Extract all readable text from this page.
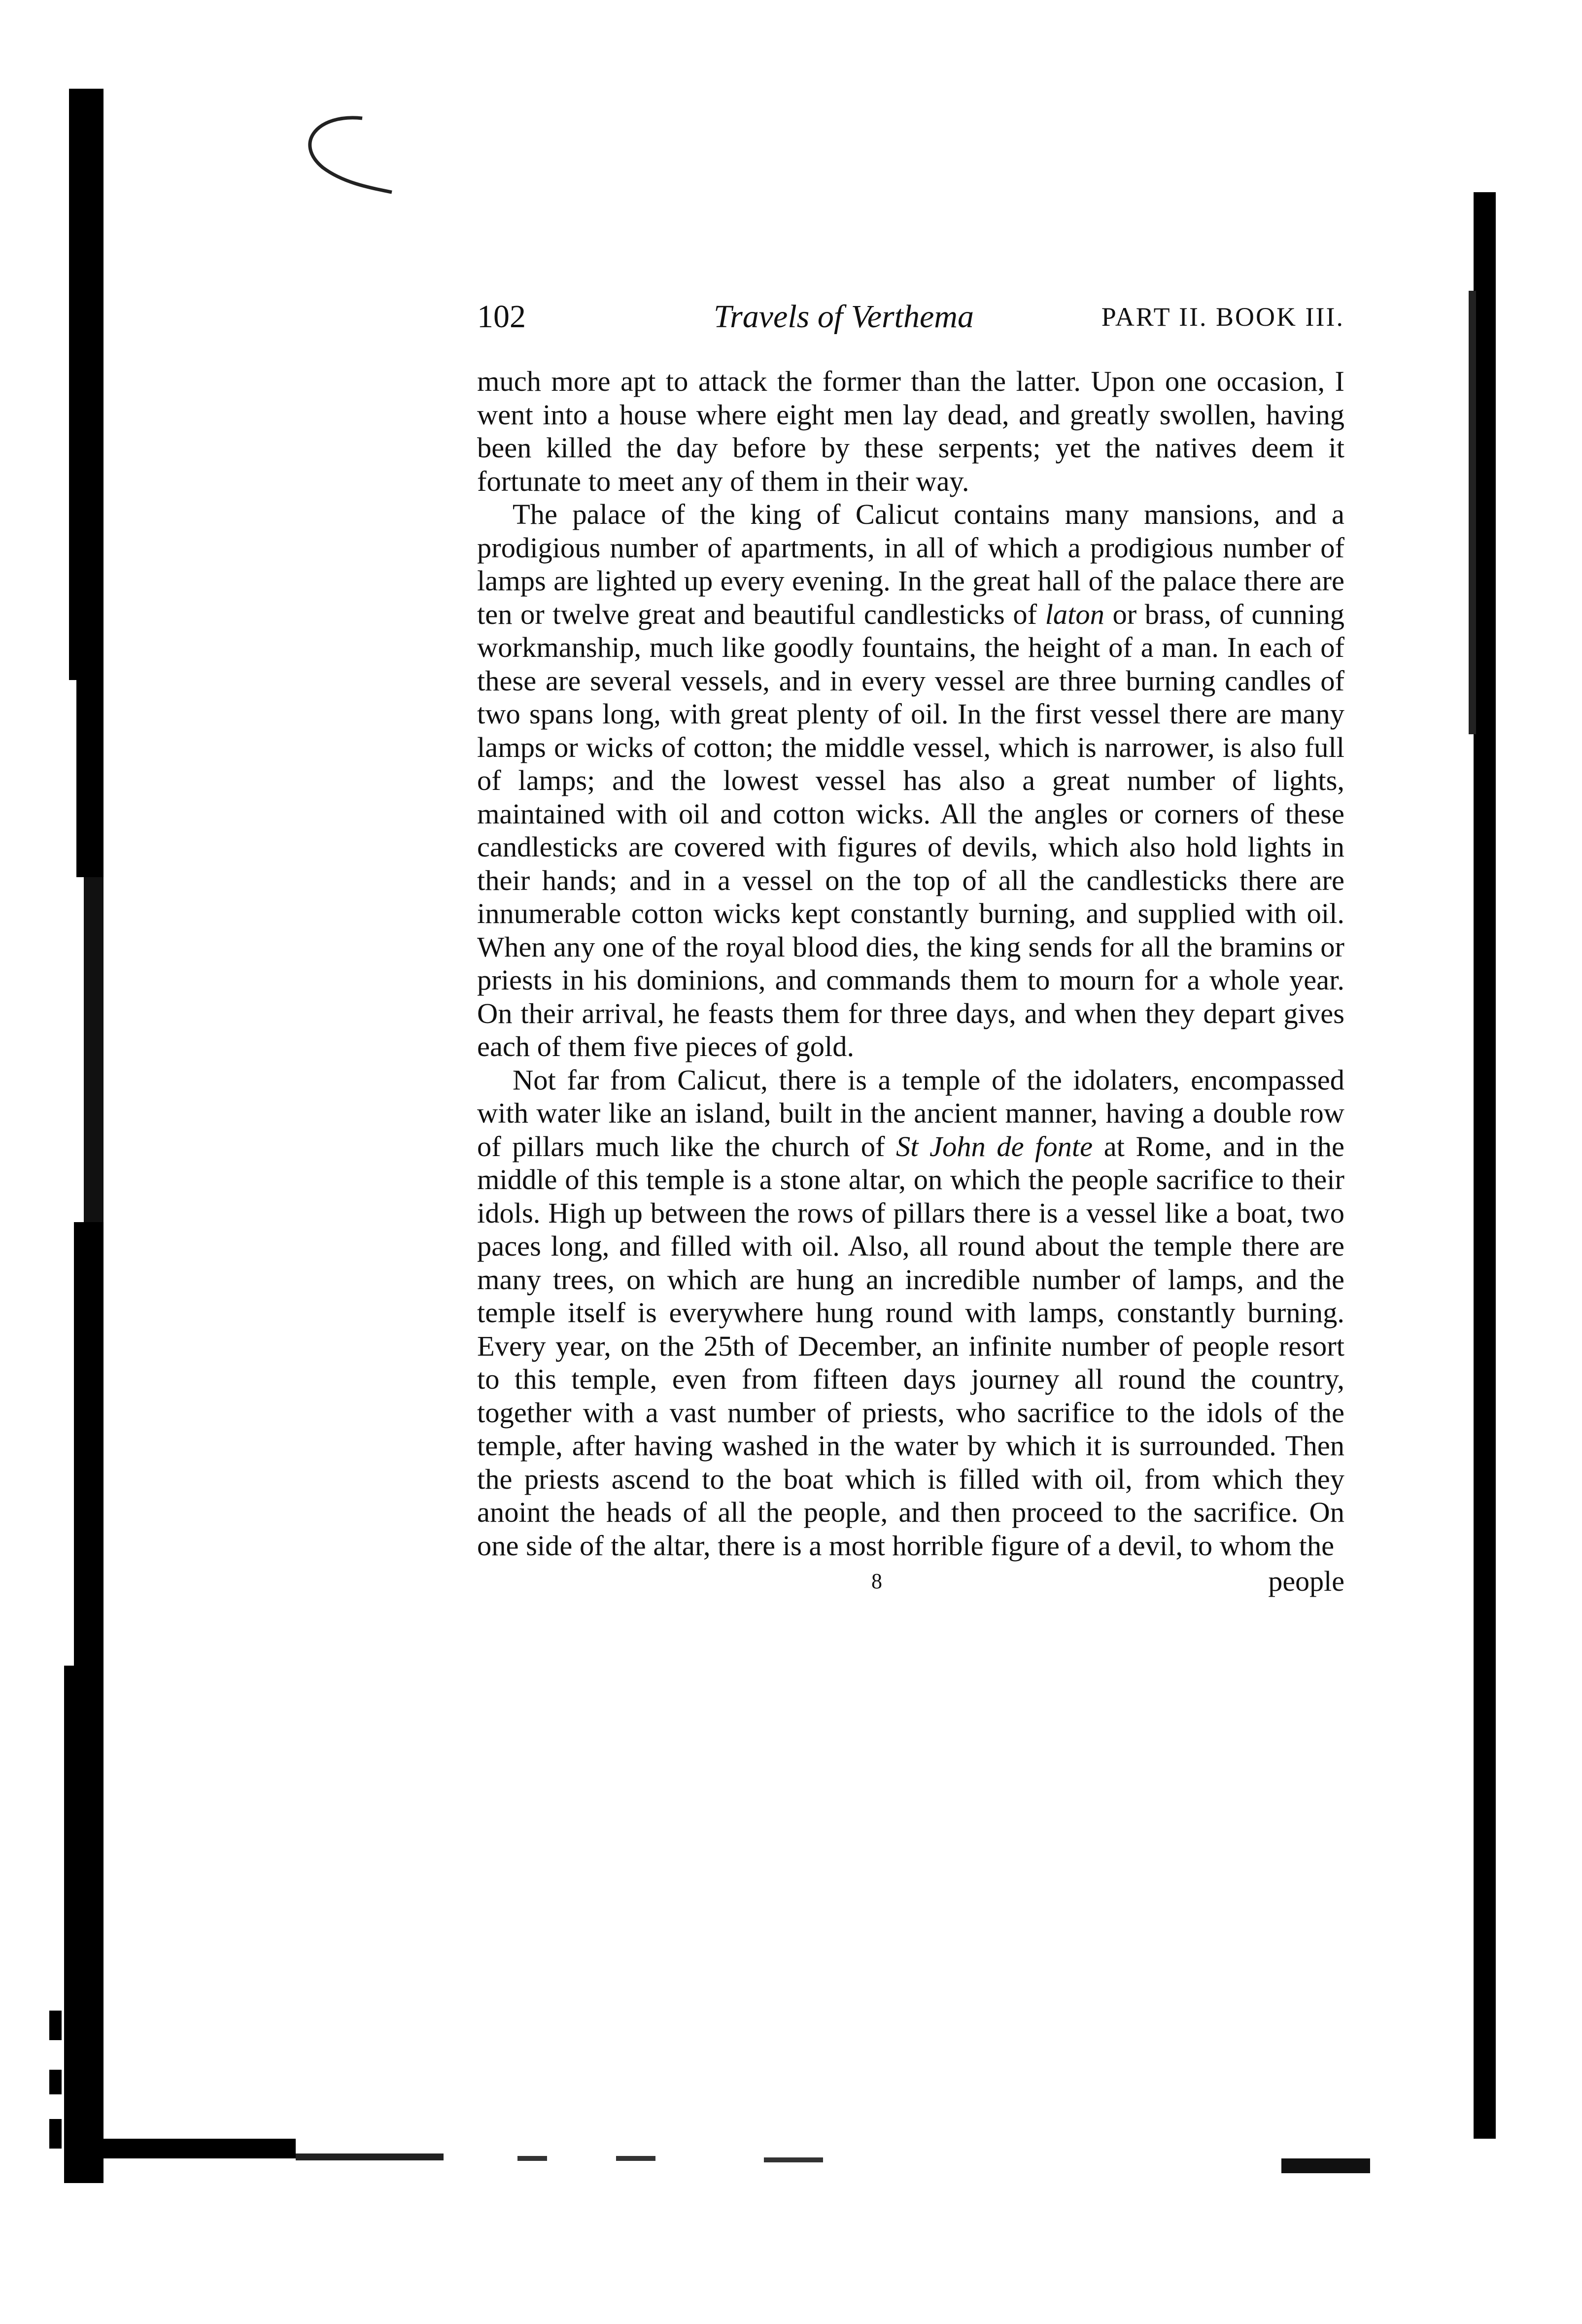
102	Travels of Verthema	PART II. BOOK III.

much more apt to attack the former than the latter. Upon one occasion, I went into a house where eight men lay dead, and greatly swollen, having been killed the day before by these serpents; yet the natives deem it fortunate to meet any of them in their way.

The palace of the king of Calicut contains many mansions, and a prodigious number of apartments, in all of which a prodigious number of lamps are lighted up every evening. In the great hall of the palace there are ten or twelve great and beautiful candlesticks of laton or brass, of cunning workmanship, much like goodly fountains, the height of a man. In each of these are several vessels, and in every vessel are three burning candles of two spans long, with great plenty of oil. In the first vessel there are many lamps or wicks of cotton; the middle vessel, which is narrower, is also full of lamps; and the lowest vessel has also a great number of lights, maintained with oil and cotton wicks. All the angles or corners of these candlesticks are covered with figures of devils, which also hold lights in their hands; and in a vessel on the top of all the candlesticks there are innumerable cotton wicks kept constantly burning, and supplied with oil. When any one of the royal blood dies, the king sends for all the bramins or priests in his dominions, and commands them to mourn for a whole year. On their arrival, he feasts them for three days, and when they depart gives each of them five pieces of gold.

Not far from Calicut, there is a temple of the idolaters, encompassed with water like an island, built in the ancient manner, having a double row of pillars much like the church of St John de fonte at Rome, and in the middle of this temple is a stone altar, on which the people sacrifice to their idols. High up between the rows of pillars there is a vessel like a boat, two paces long, and filled with oil. Also, all round about the temple there are many trees, on which are hung an incredible number of lamps, and the temple itself is everywhere hung round with lamps, constantly burning. Every year, on the 25th of December, an infinite number of people resort to this temple, even from fifteen days journey all round the country, together with a vast number of priests, who sacrifice to the idols of the temple, after having washed in the water by which it is surrounded. Then the priests ascend to the boat which is filled with oil, from which they anoint the heads of all the people, and then proceed to the sacrifice. On one side of the altar, there is a most horrible figure of a devil, to whom the

8	people
